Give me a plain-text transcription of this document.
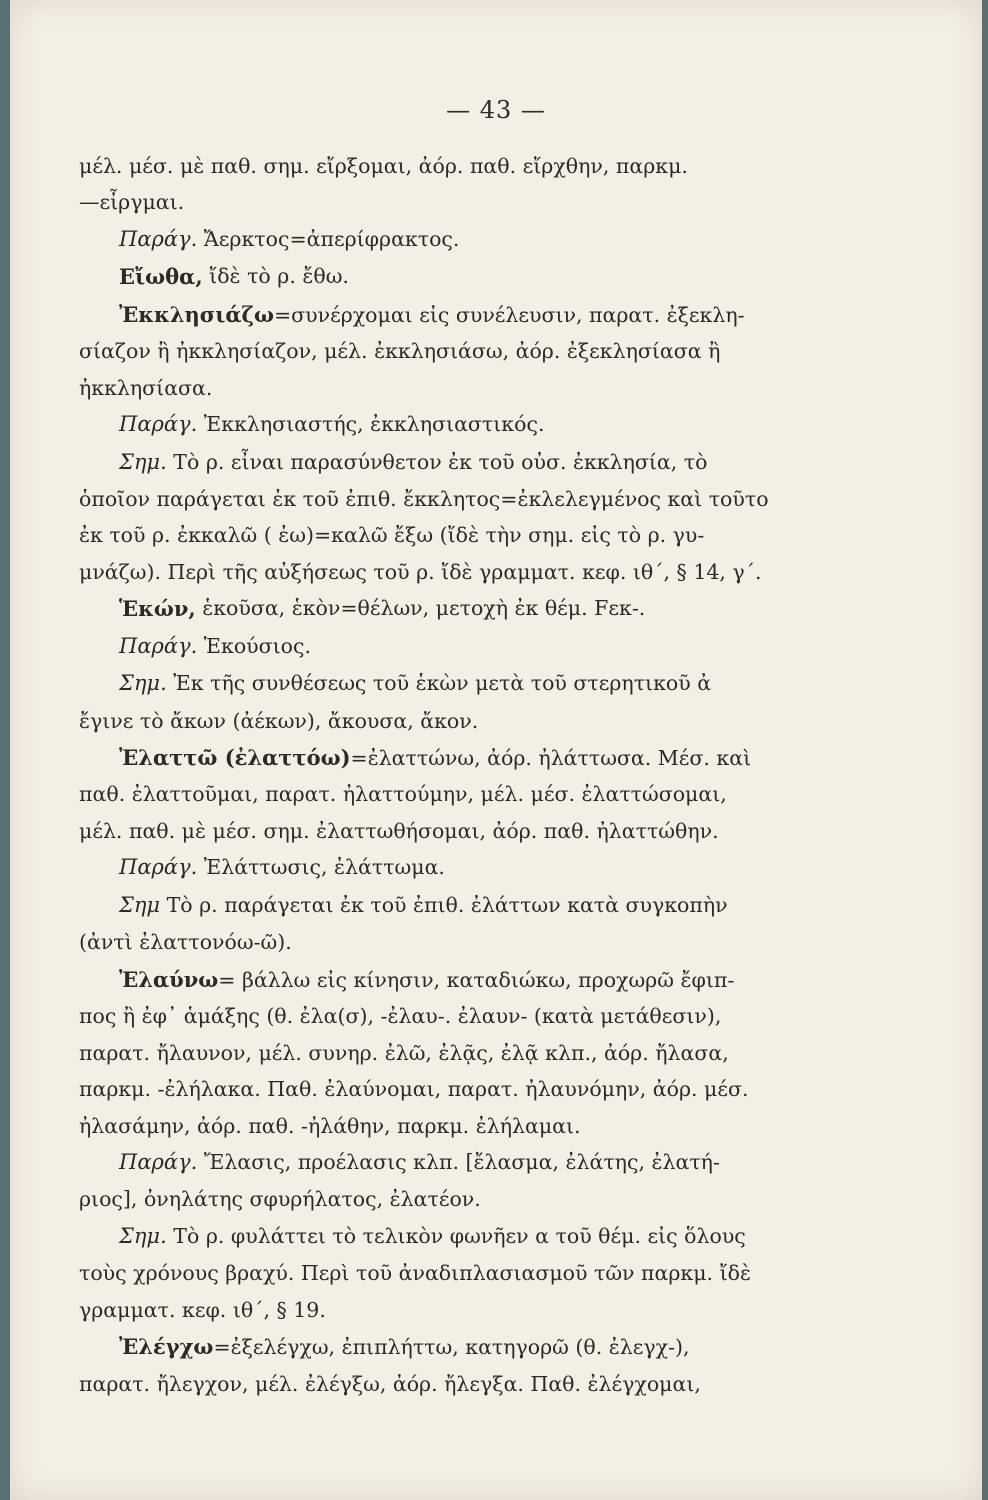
— 43 —

μέλ. μέσ. μὲ παθ. σημ. εἴρξομαι, ἀόρ. παθ. εἴρχθην, παρκμ.

—εἶργμαι.

Παράγ. Ἄερκτος=ἀπερίφρακτος.

Εἴωθα, ἴδὲ τὸ ρ. ἔθω.

Ἐκκλησιάζω=συνέρχομαι εἰς συνέλευσιν, παρατ. ἐξεκλη-

σίαζον ἢ ἠκκλησίαζον, μέλ. ἐκκλησιάσω, ἀόρ. ἐξεκλησίασα ἢ

ἠκκλησίασα.

Παράγ. Ἐκκλησιαστής, ἐκκλησιαστικός.

Σημ. Τὸ ρ. εἶναι παρασύνθετον ἐκ τοῦ οὐσ. ἐκκλησία, τὸ

ὁποῖον παράγεται ἐκ τοῦ ἐπιθ. ἔκκλητος=ἐκλελεγμένος καὶ τοῦτο

ἐκ τοῦ ρ. ἐκκαλῶ ( ἐω)=καλῶ ἔξω (ἴδὲ τὴν σημ. εἰς τὸ ρ. γυ-

μνάζω). Περὶ τῆς αὐξήσεως τοῦ ρ. ἴδὲ γραμματ. κεφ. ιθ΄, § 14, γ΄.

Ἑκών, ἑκοῦσα, ἑκὸν=θέλων, μετοχὴ ἐκ θέμ. Fεκ-.

Παράγ. Ἑκούσιος.

Σημ. Ἐκ τῆς συνθέσεως τοῦ ἑκὼν μετὰ τοῦ στερητικοῦ ἀ

ἔγινε τὸ ἄκων (ἀέκων), ἄκουσα, ἄκον.

Ἐλαττῶ (ἐλαττόω)=ἐλαττώνω, ἀόρ. ἠλάττωσα. Μέσ. καὶ

παθ. ἐλαττοῦμαι, παρατ. ἠλαττούμην, μέλ. μέσ. ἐλαττώσομαι,

μέλ. παθ. μὲ μέσ. σημ. ἐλαττωθήσομαι, ἀόρ. παθ. ἠλαττώθην.

Παράγ. Ἐλάττωσις, ἐλάττωμα.

Σημ Τὸ ρ. παράγεται ἐκ τοῦ ἐπιθ. ἐλάττων κατὰ συγκοπὴν

(ἀντὶ ἐλαττονόω-ῶ).

Ἐλαύνω= βάλλω εἰς κίνησιν, καταδιώκω, προχωρῶ ἔφιπ-

πος ἢ ἐφ᾽ ἁμάξης (θ. ἐλα(σ), -ἐλαυ-. ἐλαυν- (κατὰ μετάθεσιν),

παρατ. ἤλαυνον, μέλ. συνηρ. ἐλῶ, ἐλᾷς, ἐλᾷ κλπ., ἀόρ. ἤλασα,

παρκμ. -ἐλήλακα. Παθ. ἐλαύνομαι, παρατ. ἠλαυνόμην, ἀόρ. μέσ.

ἠλασάμην, ἀόρ. παθ. -ἠλάθην, παρκμ. ἐλήλαμαι.

Παράγ. Ἔλασις, προέλασις κλπ. [ἔλασμα, ἐλάτης, ἐλατή-

ριος], ὀνηλάτης σφυρήλατος, ἐλατέον.

Σημ. Τὸ ρ. φυλάττει τὸ τελικὸν φωνῆεν α τοῦ θέμ. εἰς ὅλους

τοὺς χρόνους βραχύ. Περὶ τοῦ ἀναδιπλασιασμοῦ τῶν παρκμ. ἴδὲ

γραμματ. κεφ. ιθ΄, § 19.

Ἐλέγχω=ἐξελέγχω, ἐπιπλήττω, κατηγορῶ (θ. ἐλεγχ-),

παρατ. ἤλεγχον, μέλ. ἐλέγξω, ἀόρ. ἤλεγξα. Παθ. ἐλέγχομαι,
